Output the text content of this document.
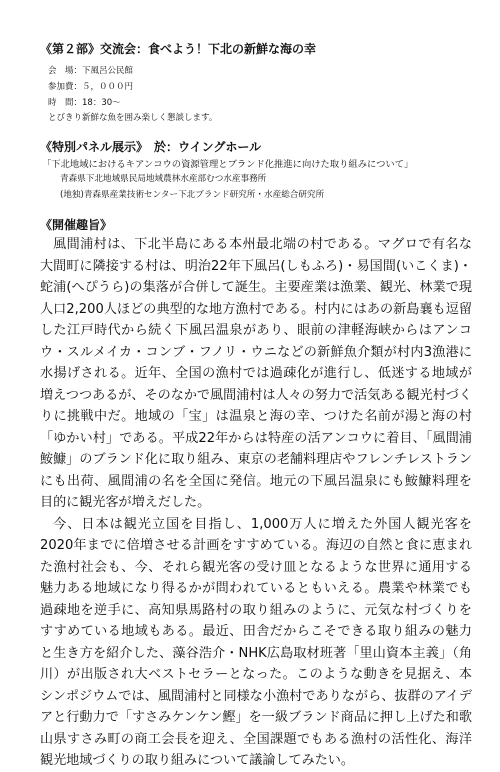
《第２部》交流会：食べよう！下北の新鮮な海の幸
会　場：下風呂公民館
参加費：５，０００円
時　間：18：30～
とびきり新鮮な魚を囲み楽しく懇談します。
《特別パネル展示》　於：ウイングホール
「下北地域におけるキアンコウの資源管理とブランド化推進に向けた取り組みについて」
青森県下北地域県民局地域農林水産部むつ水産事務所
(地独)青森県産業技術センター下北ブランド研究所・水産総合研究所
《開催趣旨》

風間浦村は、下北半島にある本州最北端の村である。マグロで有名な大間町に隣接する村は、明治22年下風呂(しもふろ)・易国間(いこくま)・蛇浦(へぴうら)の集落が合併して誕生。主要産業は漁業、観光、林業で現人口2,200人ほどの典型的な地方漁村である。村内にはあの新島襄も逗留した江戸時代から続く下風呂温泉があり、眼前の津軽海峡からはアンコウ・スルメイカ・コンブ・フノリ・ウニなどの新鮮魚介類が村内3漁港に水揚げされる。近年、全国の漁村では過疎化が進行し、低迷する地域が増えつつあるが、そのなかで風間浦村は人々の努力で活気ある観光村づくりに挑戦中だ。地域の「宝」は温泉と海の幸、つけた名前が湯と海の村「ゆかい村」である。平成22年からは特産の活アンコウに着目、「風間浦鮟鱇」のブランド化に取り組み、東京の老舗料理店やフレンチレストランにも出荷、風間浦の名を全国に発信。地元の下風呂温泉にも鮟鱇料理を目的に観光客が増えだした。

今、日本は観光立国を目指し、1,000万人に増えた外国人観光客を2020年までに倍増させる計画をすすめている。海辺の自然と食に恵まれた漁村社会も、今、それら観光客の受け皿となるような世界に通用する魅力ある地域になり得るかが問われているともいえる。農業や林業でも過疎地を逆手に、高知県馬路村の取り組みのように、元気な村づくりをすすめている地域もある。最近、田舎だからこそできる取り組みの魅力と生き方を紹介した、藻谷浩介・NHK広島取材班著「里山資本主義」（角川）が出版され大ベストセラーとなった。このような動きを見据え、本シンポジウムでは、風間浦村と同様な小漁村でありながら、抜群のアイデアと行動力で「すさみケンケン鰹」を一級ブランド商品に押し上げた和歌山県すさみ町の商工会長を迎え、全国課題でもある漁村の活性化、海洋観光地域づくりの取り組みについて議論してみたい。
